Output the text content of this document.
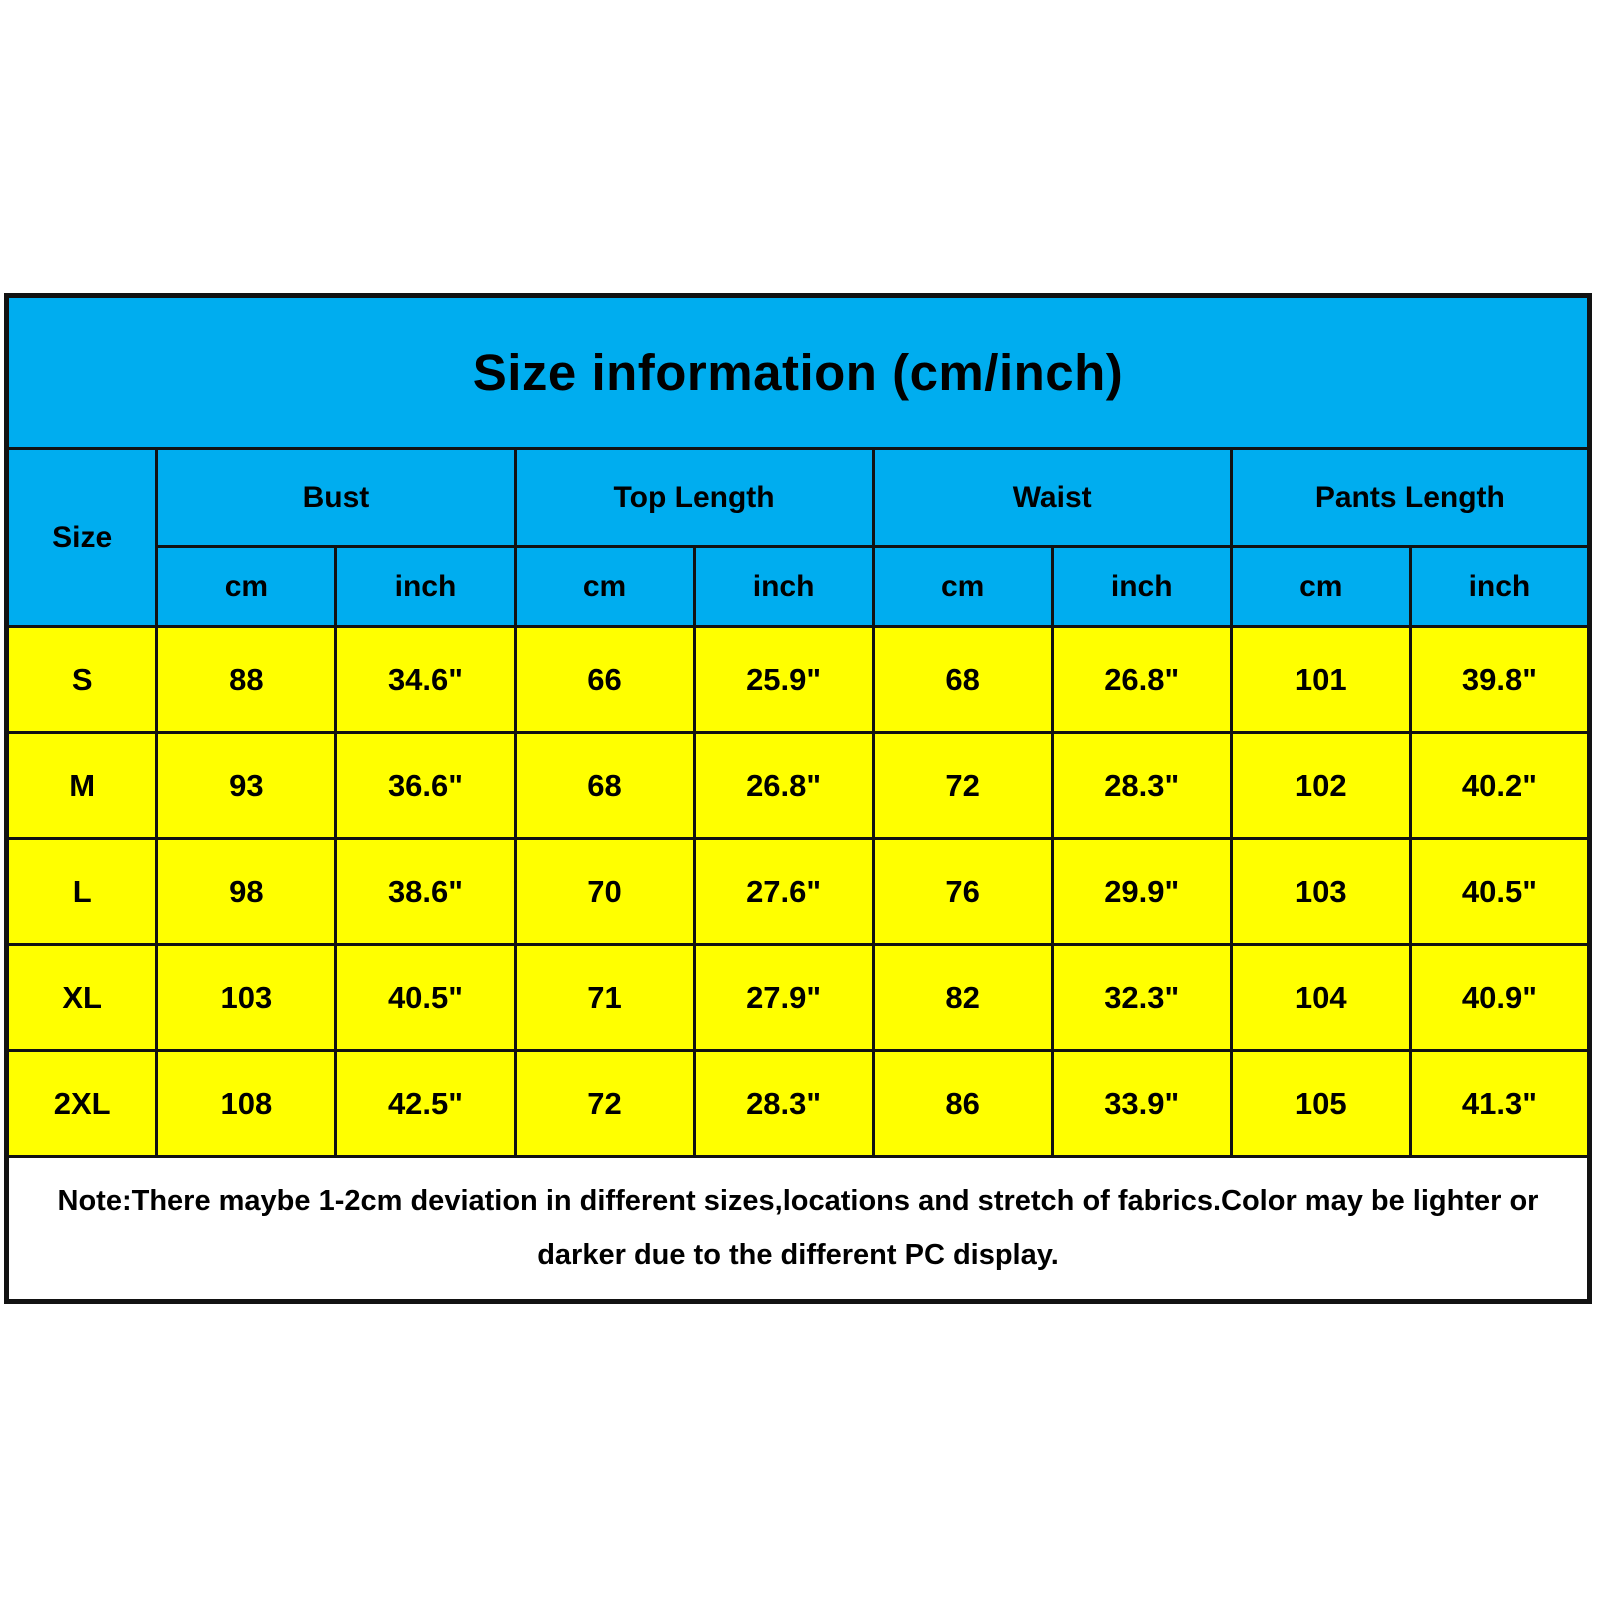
Size information (cm/inch)								
Size	Bust		Top Length		Waist		Pants Length	
	cm	inch	cm	inch	cm	inch	cm	inch
S	88	34.6"	66	25.9"	68	26.8"	101	39.8"
M	93	36.6"	68	26.8"	72	28.3"	102	40.2"
L	98	38.6"	70	27.6"	76	29.9"	103	40.5"
XL	103	40.5"	71	27.9"	82	32.3"	104	40.9"
2XL	108	42.5"	72	28.3"	86	33.9"	105	41.3"
Note:There maybe 1-2cm deviation in different sizes,locations and stretch of fabrics.Color may be lighter or darker due to the different PC display.								
